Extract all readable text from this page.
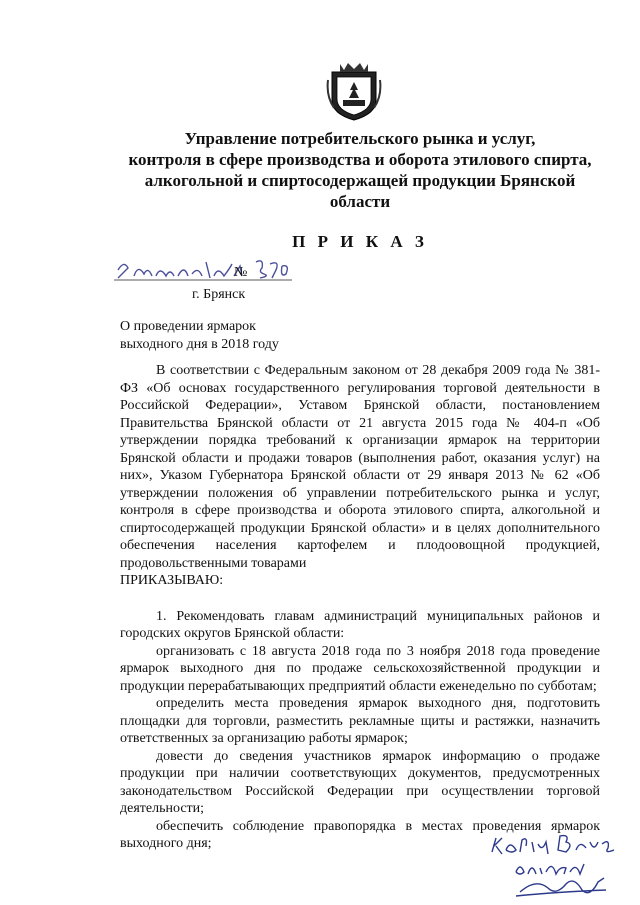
Управление потребительского рынка и услуг,
контроля в сфере производства и оборота этилового спирта,
алкогольной и спиртосодержащей продукции Брянской
области
П Р И К А З
№
г. Брянск
О проведении ярмарок
выходного дня в 2018 году

В соответствии с Федеральным законом от 28 декабря 2009 года № 381-ФЗ «Об основах государственного регулирования торговой деятельности в Российской Федерации», Уставом Брянской области, постановлением Правительства Брянской области от 21 августа 2015 года № 404-п «Об утверждении порядка требований к организации ярмарок на территории Брянской области и продажи товаров (выполнения работ, оказания услуг) на них», Указом Губернатора Брянской области от 29 января 2013 № 62 «Об утверждении положения об управлении потребительского рынка и услуг, контроля в сфере производства и оборота этилового спирта, алкогольной и спиртосодержащей продукции Брянской области» и в целях дополнительного обеспечения населения картофелем и плодоовощной продукцией, продовольственными товарами

ПРИКАЗЫВАЮ:

1. Рекомендовать главам администраций муниципальных районов и городских округов Брянской области:

организовать с 18 августа 2018 года по 3 ноября 2018 года проведение ярмарок выходного дня по продаже сельскохозяйственной продукции и продукции перерабатывающих предприятий области еженедельно по субботам;

определить места проведения ярмарок выходного дня, подготовить площадки для торговли, разместить рекламные щиты и растяжки, назначить ответственных за организацию работы ярмарок;

довести до сведения участников ярмарок информацию о продаже продукции при наличии соответствующих документов, предусмотренных законодательством Российской Федерации при осуществлении торговой деятельности;

обеспечить соблюдение правопорядка в местах проведения ярмарок выходного дня;
